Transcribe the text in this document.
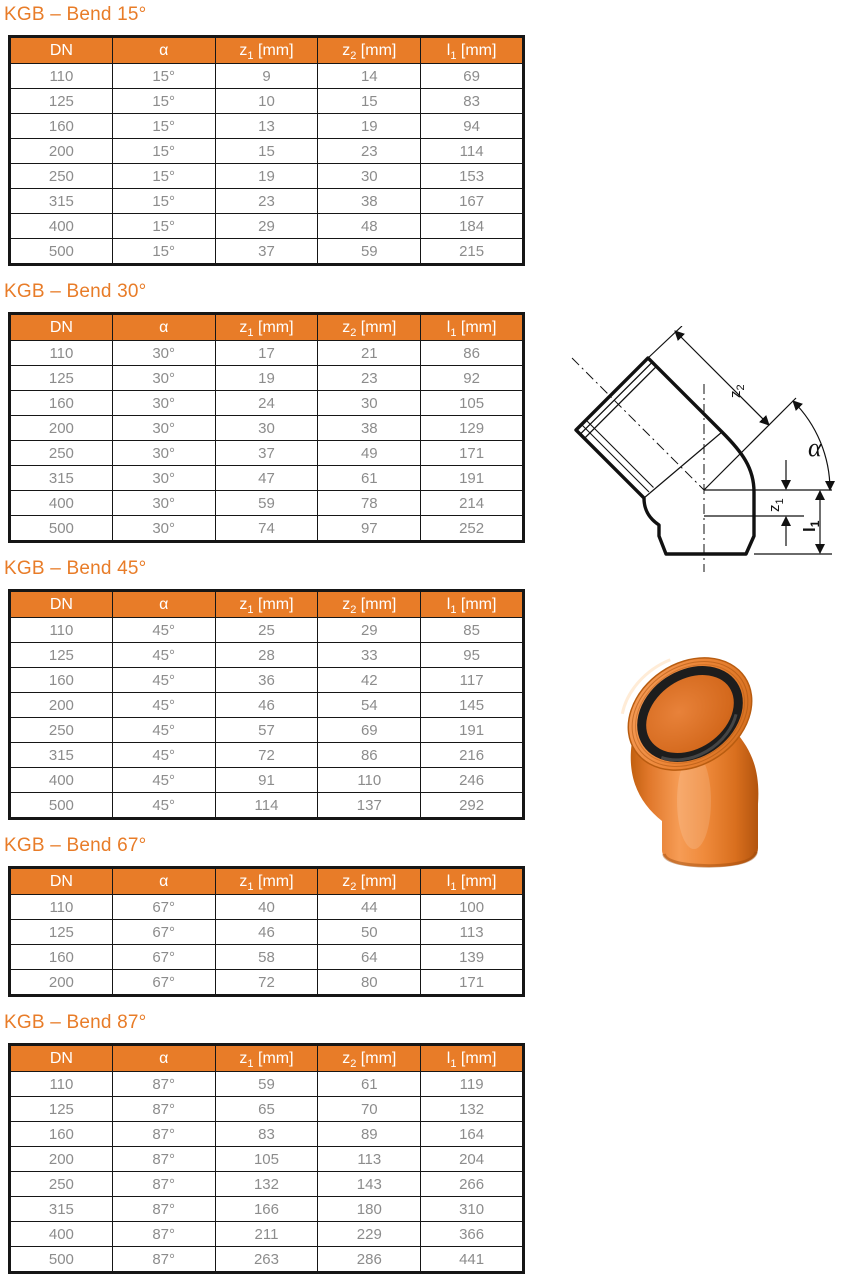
KGB – Bend 15°
DN	α	$z_1$ [mm]	$z_2$ [mm]	$l_1$ [mm]
110	15°	9	14	69
125	15°	10	15	83
160	15°	13	19	94
200	15°	15	23	114
250	15°	19	30	153
315	15°	23	38	167
400	15°	29	48	184
500	15°	37	59	215
KGB – Bend 30°
DN	α	$z_1$ [mm]	$z_2$ [mm]	$l_1$ [mm]
110	30°	17	21	86
125	30°	19	23	92
160	30°	24	30	105
200	30°	30	38	129
250	30°	37	49	171
315	30°	47	61	191
400	30°	59	78	214
500	30°	74	97	252
KGB – Bend 45°
DN	α	$z_1$ [mm]	$z_2$ [mm]	$l_1$ [mm]
110	45°	25	29	85
125	45°	28	33	95
160	45°	36	42	117
200	45°	46	54	145
250	45°	57	69	191
315	45°	72	86	216
400	45°	91	110	246
500	45°	114	137	292
KGB – Bend 67°
DN	α	$z_1$ [mm]	$z_2$ [mm]	$l_1$ [mm]
110	67°	40	44	100
125	67°	46	50	113
160	67°	58	64	139
200	67°	72	80	171
KGB – Bend 87°
DN	α	$z_1$ [mm]	$z_2$ [mm]	$l_1$ [mm]
110	87°	59	61	119
125	87°	65	70	132
160	87°	83	89	164
200	87°	105	113	204
250	87°	132	143	266
315	87°	166	180	310
400	87°	211	229	366
500	87°	263	286	441
α
$z_2$
$z_1$
$l_1$
